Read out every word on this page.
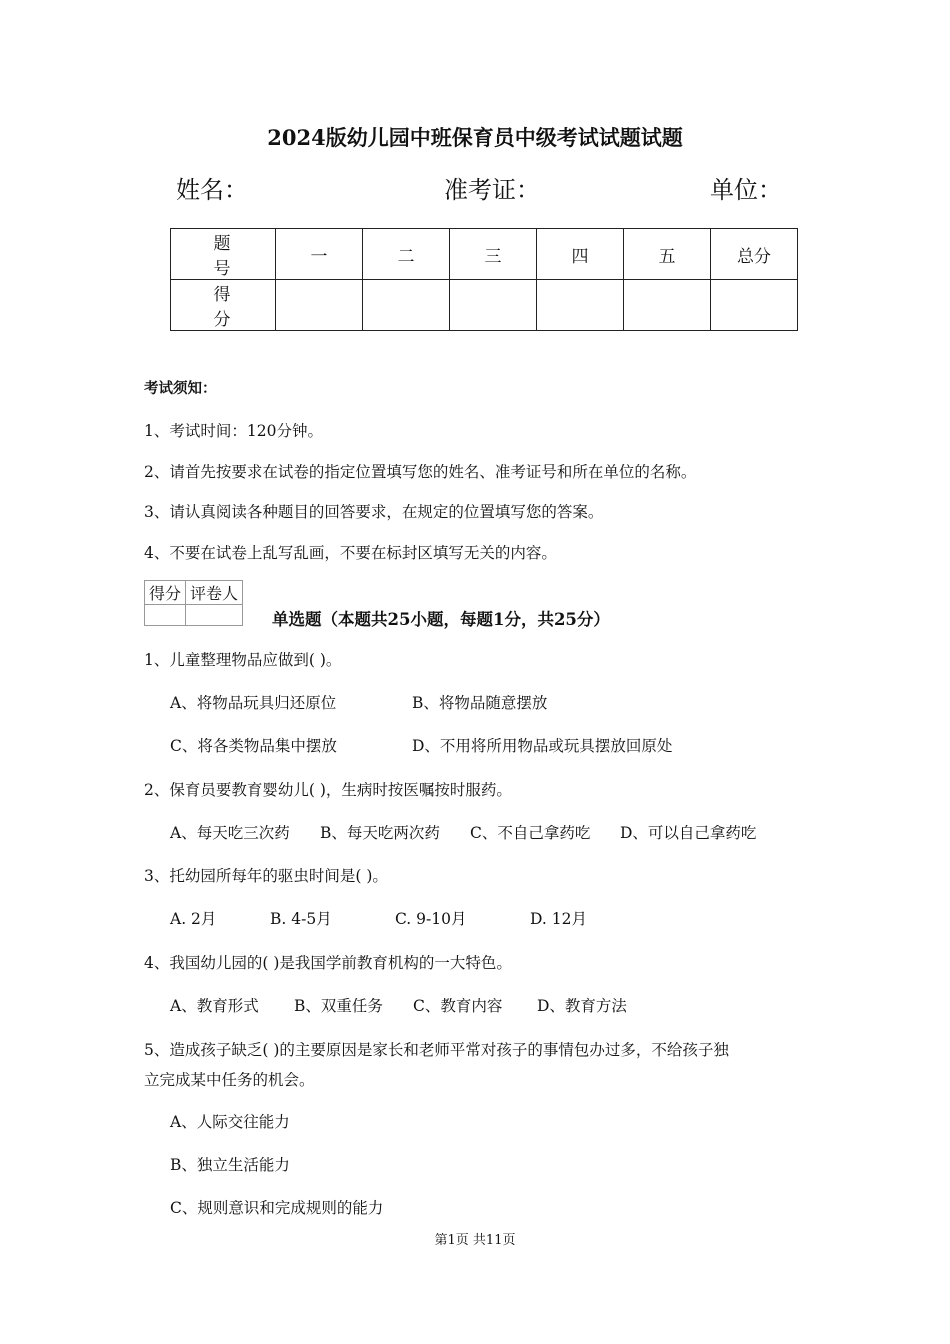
2024版幼儿园中班保育员中级考试试题试题
姓名：	准考证：	单位：
题 号	一	二	三	四	五	总分
得 分						
考试须知：
1、考试时间：120分钟。
2、请首先按要求在试卷的指定位置填写您的姓名、准考证号和所在单位的名称。
3、请认真阅读各种题目的回答要求，在规定的位置填写您的答案。
4、不要在试卷上乱写乱画，不要在标封区填写无关的内容。
得分	评卷人

单选题（本题共25小题，每题1分，共25分）
1、儿童整理物品应做到( )。
A、将物品玩具归还原位	B、将物品随意摆放
C、将各类物品集中摆放	D、不用将所用物品或玩具摆放回原处
2、保育员要教育婴幼儿( )，生病时按医嘱按时服药。
A、每天吃三次药 B、每天吃两次药 C、不自己拿药吃 D、可以自己拿药吃
3、托幼园所每年的驱虫时间是( )。
A. 2月	B. 4-5月	C. 9-10月	D. 12月
4、我国幼儿园的( )是我国学前教育机构的一大特色。
A、教育形式 B、双重任务 C、教育内容 D、教育方法
5、造成孩子缺乏( )的主要原因是家长和老师平常对孩子的事情包办过多，不给孩子独
立完成某中任务的机会。
A、人际交往能力
B、独立生活能力
C、规则意识和完成规则的能力
第1页 共11页
